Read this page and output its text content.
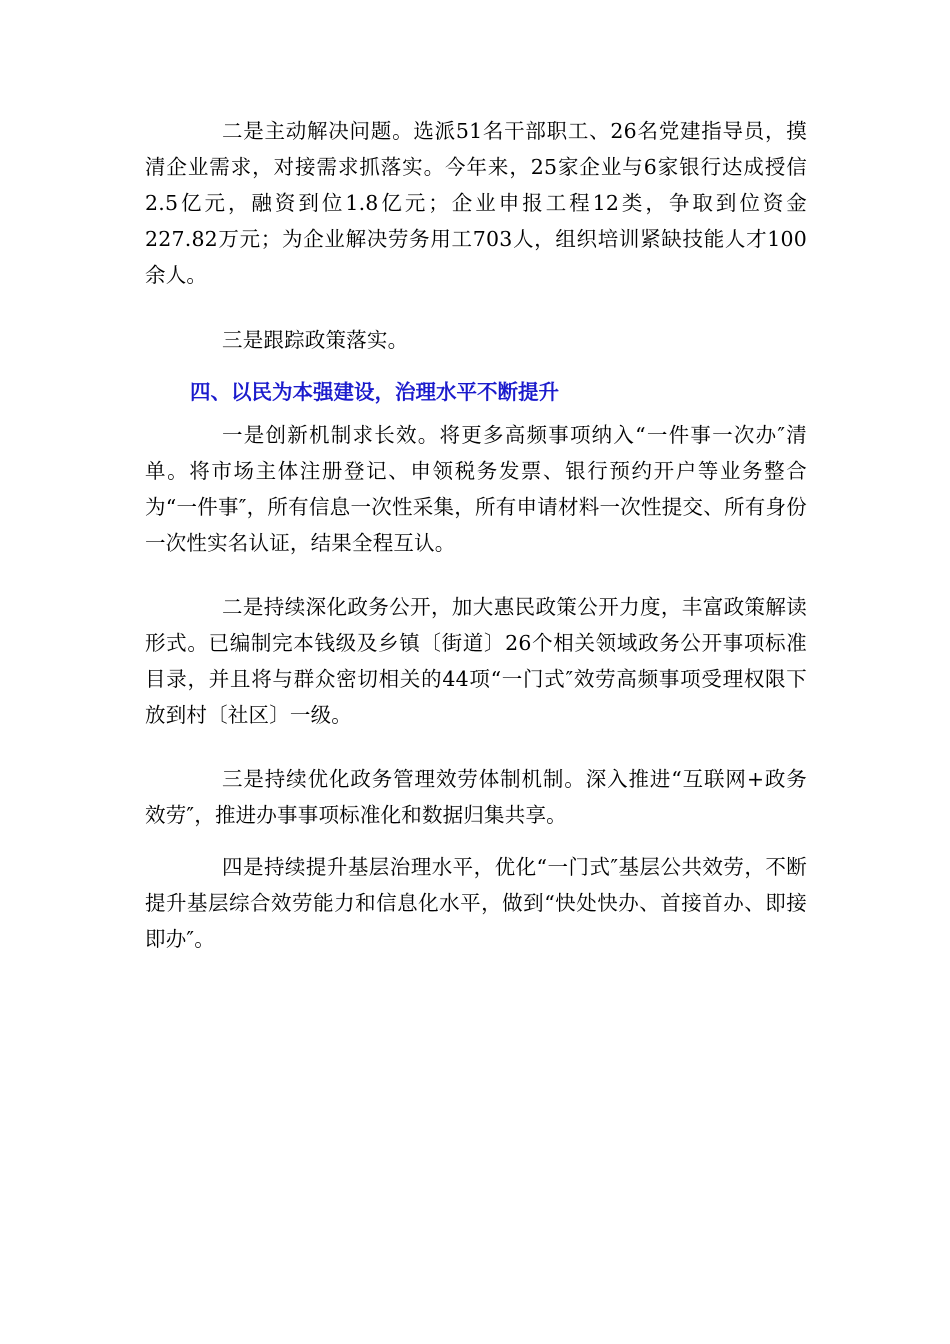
二是主动解决问题。选派51名干部职工、26名党建指导员，摸清企业需求，对接需求抓落实。今年来，25家企业与6家银行达成授信2.5亿元，融资到位1.8亿元；企业申报工程12类，争取到位资金227.82万元；为企业解决劳务用工703人，组织培训紧缺技能人才100余人。

三是跟踪政策落实。

四、以民为本强建设，治理水平不断提升

一是创新机制求长效。将更多高频事项纳入“一件事一次办″清单。将市场主体注册登记、申领税务发票、银行预约开户等业务整合为“一件事″，所有信息一次性采集，所有申请材料一次性提交、所有身份一次性实名认证，结果全程互认。

二是持续深化政务公开，加大惠民政策公开力度，丰富政策解读形式。已编制完本钱级及乡镇〔街道〕26个相关领域政务公开事项标准目录，并且将与群众密切相关的44项“一门式″效劳高频事项受理权限下放到村〔社区〕一级。

三是持续优化政务管理效劳体制机制。深入推进“互联网+政务效劳″，推进办事事项标准化和数据归集共享。

四是持续提升基层治理水平，优化“一门式″基层公共效劳，不断提升基层综合效劳能力和信息化水平，做到“快处快办、首接首办、即接即办″。
